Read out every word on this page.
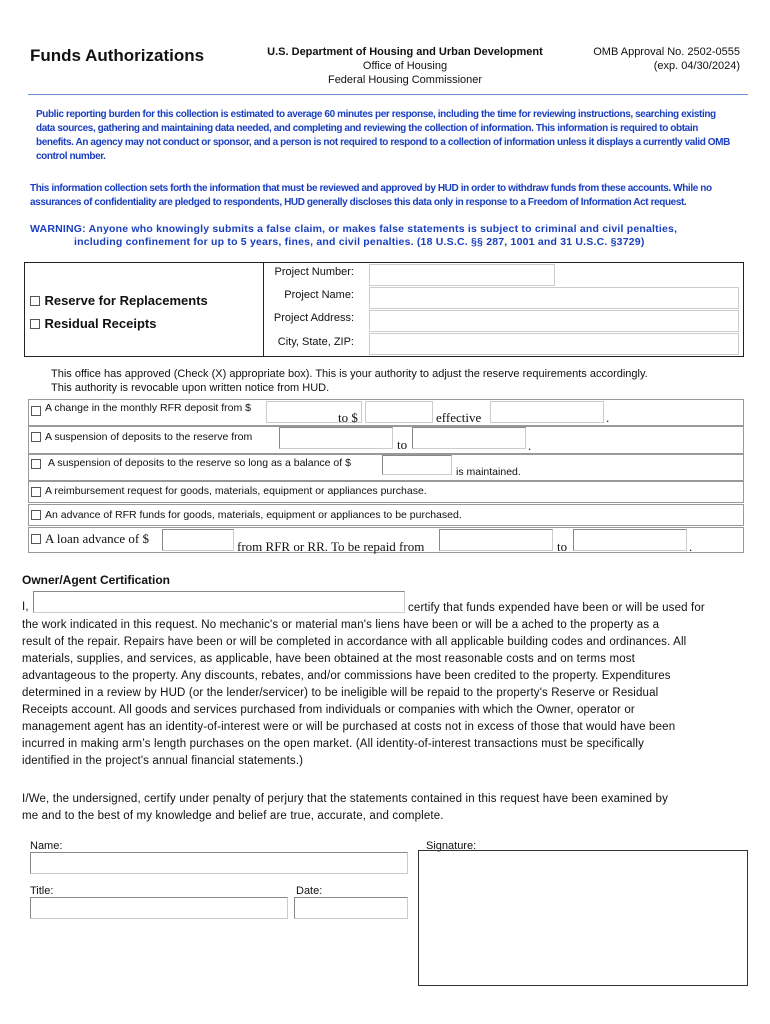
Funds Authorizations	U.S. Department of Housing and Urban Development
Office of Housing
Federal Housing Commissioner
OMB Approval No. 2502-0555
(exp. 04/30/2024)
Public reporting burden for this collection is estimated to average 60 minutes per response, including the time for reviewing instructions, searching existing data sources, gathering and maintaining data needed, and completing and reviewing the collection of information. This information is required to obtain benefits. An agency may not conduct or sponsor, and a person is not required to respond to a collection of information unless it displays a currently valid OMB control number.
This information collection sets forth the information that must be reviewed and approved by HUD in order to withdraw funds from these accounts. While no assurances of confidentiality are pledged to respondents, HUD generally discloses this data only in response to a Freedom of Information Act request.
WARNING: Anyone who knowingly submits a false claim, or makes false statements is subject to criminal and civil penalties,
including confinement for up to 5 years, fines, and civil penalties. (18 U.S.C. §§ 287, 1001 and 31 U.S.C. §3729)
Reserve for Replacements
Residual Receipts
Project Number:
Project Name:
Project Address:
City, State, ZIP:
This office has approved (Check (X) appropriate box). This is your authority to adjust the reserve requirements accordingly.
This authority is revocable upon written notice from HUD.
A change in the monthly RFR deposit from $
to $	effective	.
A suspension of deposits to the reserve from	to	.
A suspension of deposits to the reserve so long as a balance of $
is maintained.
A reimbursement request for goods, materials, equipment or appliances purchase.
An advance of RFR funds for goods, materials, equipment or appliances to be purchased.
A loan advance of $
from RFR or RR. To be repaid from	to	.
Owner/Agent Certification
I,	certify that funds expended have been or will be used for
the work indicated in this request. No mechanic's or material man's liens have been or will be a ached to the property as a
result of the repair. Repairs have been or will be completed in accordance with all applicable building codes and ordinances. All
materials, supplies, and services, as applicable, have been obtained at the most reasonable costs and on terms most
advantageous to the property. Any discounts, rebates, and/or commissions have been credited to the property. Expenditures
determined in a review by HUD (or the lender/servicer) to be ineligible will be repaid to the property's Reserve or Residual
Receipts account. All goods and services purchased from individuals or companies with which the Owner, operator or
management agent has an identity-of-interest were or will be purchased at costs not in excess of those that would have been
incurred in making arm’s length purchases on the open market. (All identity-of-interest transactions must be specifically
identified in the project's annual financial statements.)
I/We, the undersigned, certify under penalty of perjury that the statements contained in this request have been examined by
me and to the best of my knowledge and belief are true, accurate, and complete.
Name:	Signature:
Title:	Date:
